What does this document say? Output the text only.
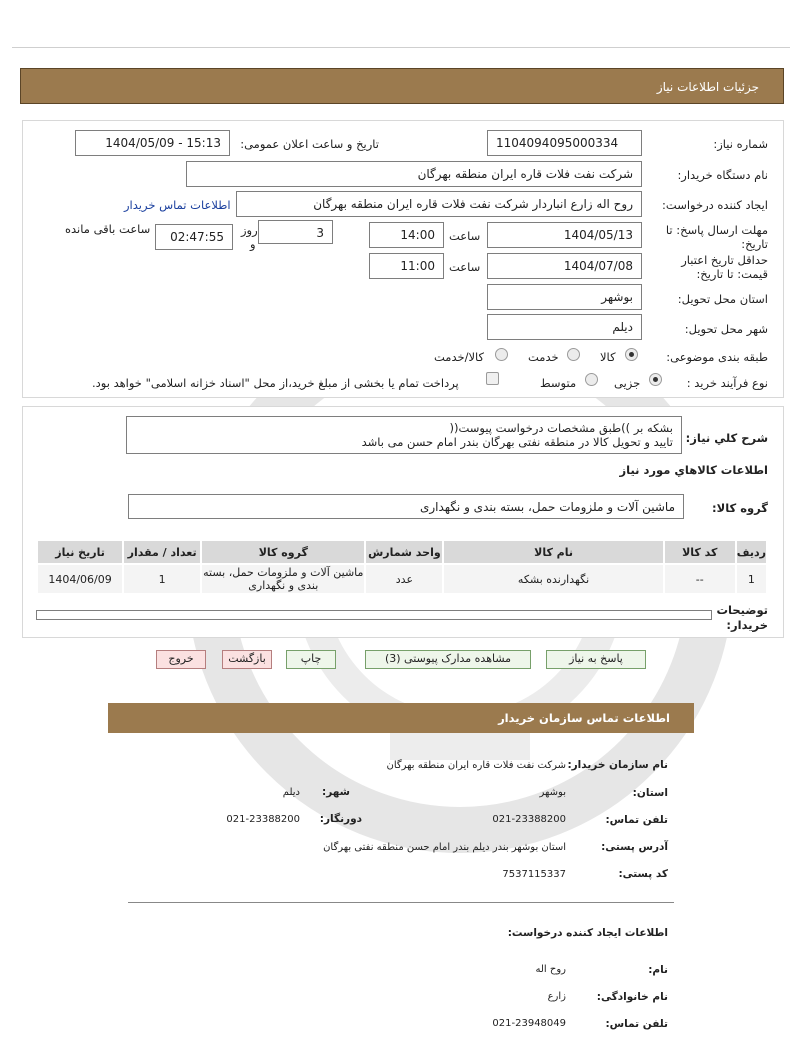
جزئیات اطلاعات نیاز
شماره نیاز:
1104094095000334
تاریخ و ساعت اعلان عمومی:
1404/05/09 - 15:13
نام دستگاه خریدار:
شرکت نفت فلات قاره ایران منطقه بهرگان
ایجاد کننده درخواست:
روح اله زارع انباردار شرکت نفت فلات قاره ایران منطقه بهرگان
اطلاعات تماس خریدار
مهلت ارسال پاسخ: تا
تاریخ:
1404/05/13
ساعت
14:00
3
روز
و
02:47:55
ساعت باقی مانده
حداقل تاریخ اعتبار
قیمت: تا تاریخ:
1404/07/08
ساعت
11:00
استان محل تحویل:
بوشهر
شهر محل تحویل:
دیلم
طبقه بندی موضوعی:
کالا
خدمت
کالا/خدمت
نوع فرآیند خرید :
جزیی
متوسط
پرداخت تمام یا بخشی از مبلغ خرید،از محل "اسناد خزانه اسلامی" خواهد بود.
شرح کلي نياز:
بشکه بر ))طبق مشخصات درخواست پیوست((
تایید و تحویل کالا در منطقه نفتی بهرگان بندر امام حسن می باشد
اطلاعات کالاهاي مورد نياز
گروه کالا:
ماشین آلات و ملزومات حمل، بسته بندی و نگهداری
رديف	کد کالا	نام کالا	واحد شمارش	گروه کالا	تعداد / مقدار	تاريخ نياز
1	--	نگهدارنده بشکه	عدد	ماشین آلات و ملزومات حمل، بسته بندی و نگهداری	1	1404/06/09
توضیحات
خریدار:
پاسخ به نیاز
مشاهده مدارک پیوستی (3)
چاپ
بازگشت
خروج
اطلاعات تماس سازمان خریدار
نام سازمان خریدار:
شرکت نفت فلات قاره ایران منطقه بهرگان
استان:
بوشهر
شهر:
دیلم
تلفن تماس:
021-23388200
دورنگار:
021-23388200
آدرس پستی:
استان بوشهر بندر دیلم بندر امام حسن منطقه نفتی بهرگان
کد پستی:
7537115337
اطلاعات ایجاد کننده درخواست:
نام:
روح اله
نام خانوادگی:
زارع
تلفن تماس:
021-23948049
